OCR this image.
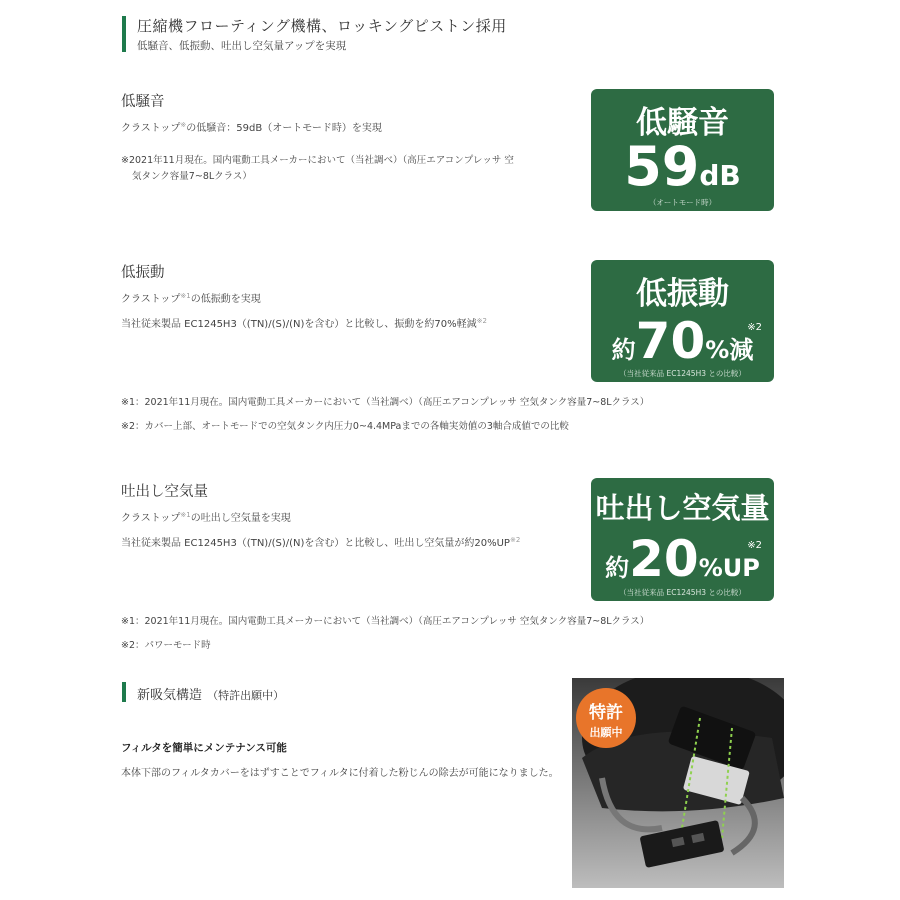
圧縮機フローティング機構、ロッキングピストン採用
低騒音、低振動、吐出し空気量アップを実現
低騒音
クラストップ※の低騒音：59dB（オートモード時）を実現
※2021年11月現在。国内電動工具メーカーにおいて（当社調べ）（高圧エアコンプレッサ 空
気タンク容量7~8Lクラス）
低騒音
59dB
（オートモード時）
低振動
クラストップ$^{※1}$の低振動を実現
当社従来製品 EC1245H3（(TN)/(S)/(N)を含む）と比較し、振動を約70%軽減$^{※2}$
低振動
※2
約70%減
（当社従来品 EC1245H3 との比較）
※1：2021年11月現在。国内電動工具メーカーにおいて（当社調べ）（高圧エアコンプレッサ 空気タンク容量7~8Lクラス）
※2：カバー上部、オートモードでの空気タンク内圧力0~4.4MPaまでの各軸実効値の3軸合成値での比較
吐出し空気量
クラストップ$^{※1}$の吐出し空気量を実現
当社従来製品 EC1245H3（(TN)/(S)/(N)を含む）と比較し、吐出し空気量が約20%UP$^{※2}$
吐出し空気量
※2
約20%UP
（当社従来品 EC1245H3 との比較）
※1：2021年11月現在。国内電動工具メーカーにおいて（当社調べ）（高圧エアコンプレッサ 空気タンク容量7~8Lクラス）
※2：パワーモード時
新吸気構造 （特許出願中）
フィルタを簡単にメンテナンス可能
本体下部のフィルタカバーをはずすことでフィルタに付着した粉じんの除去が可能になりました。
特許
出願中
